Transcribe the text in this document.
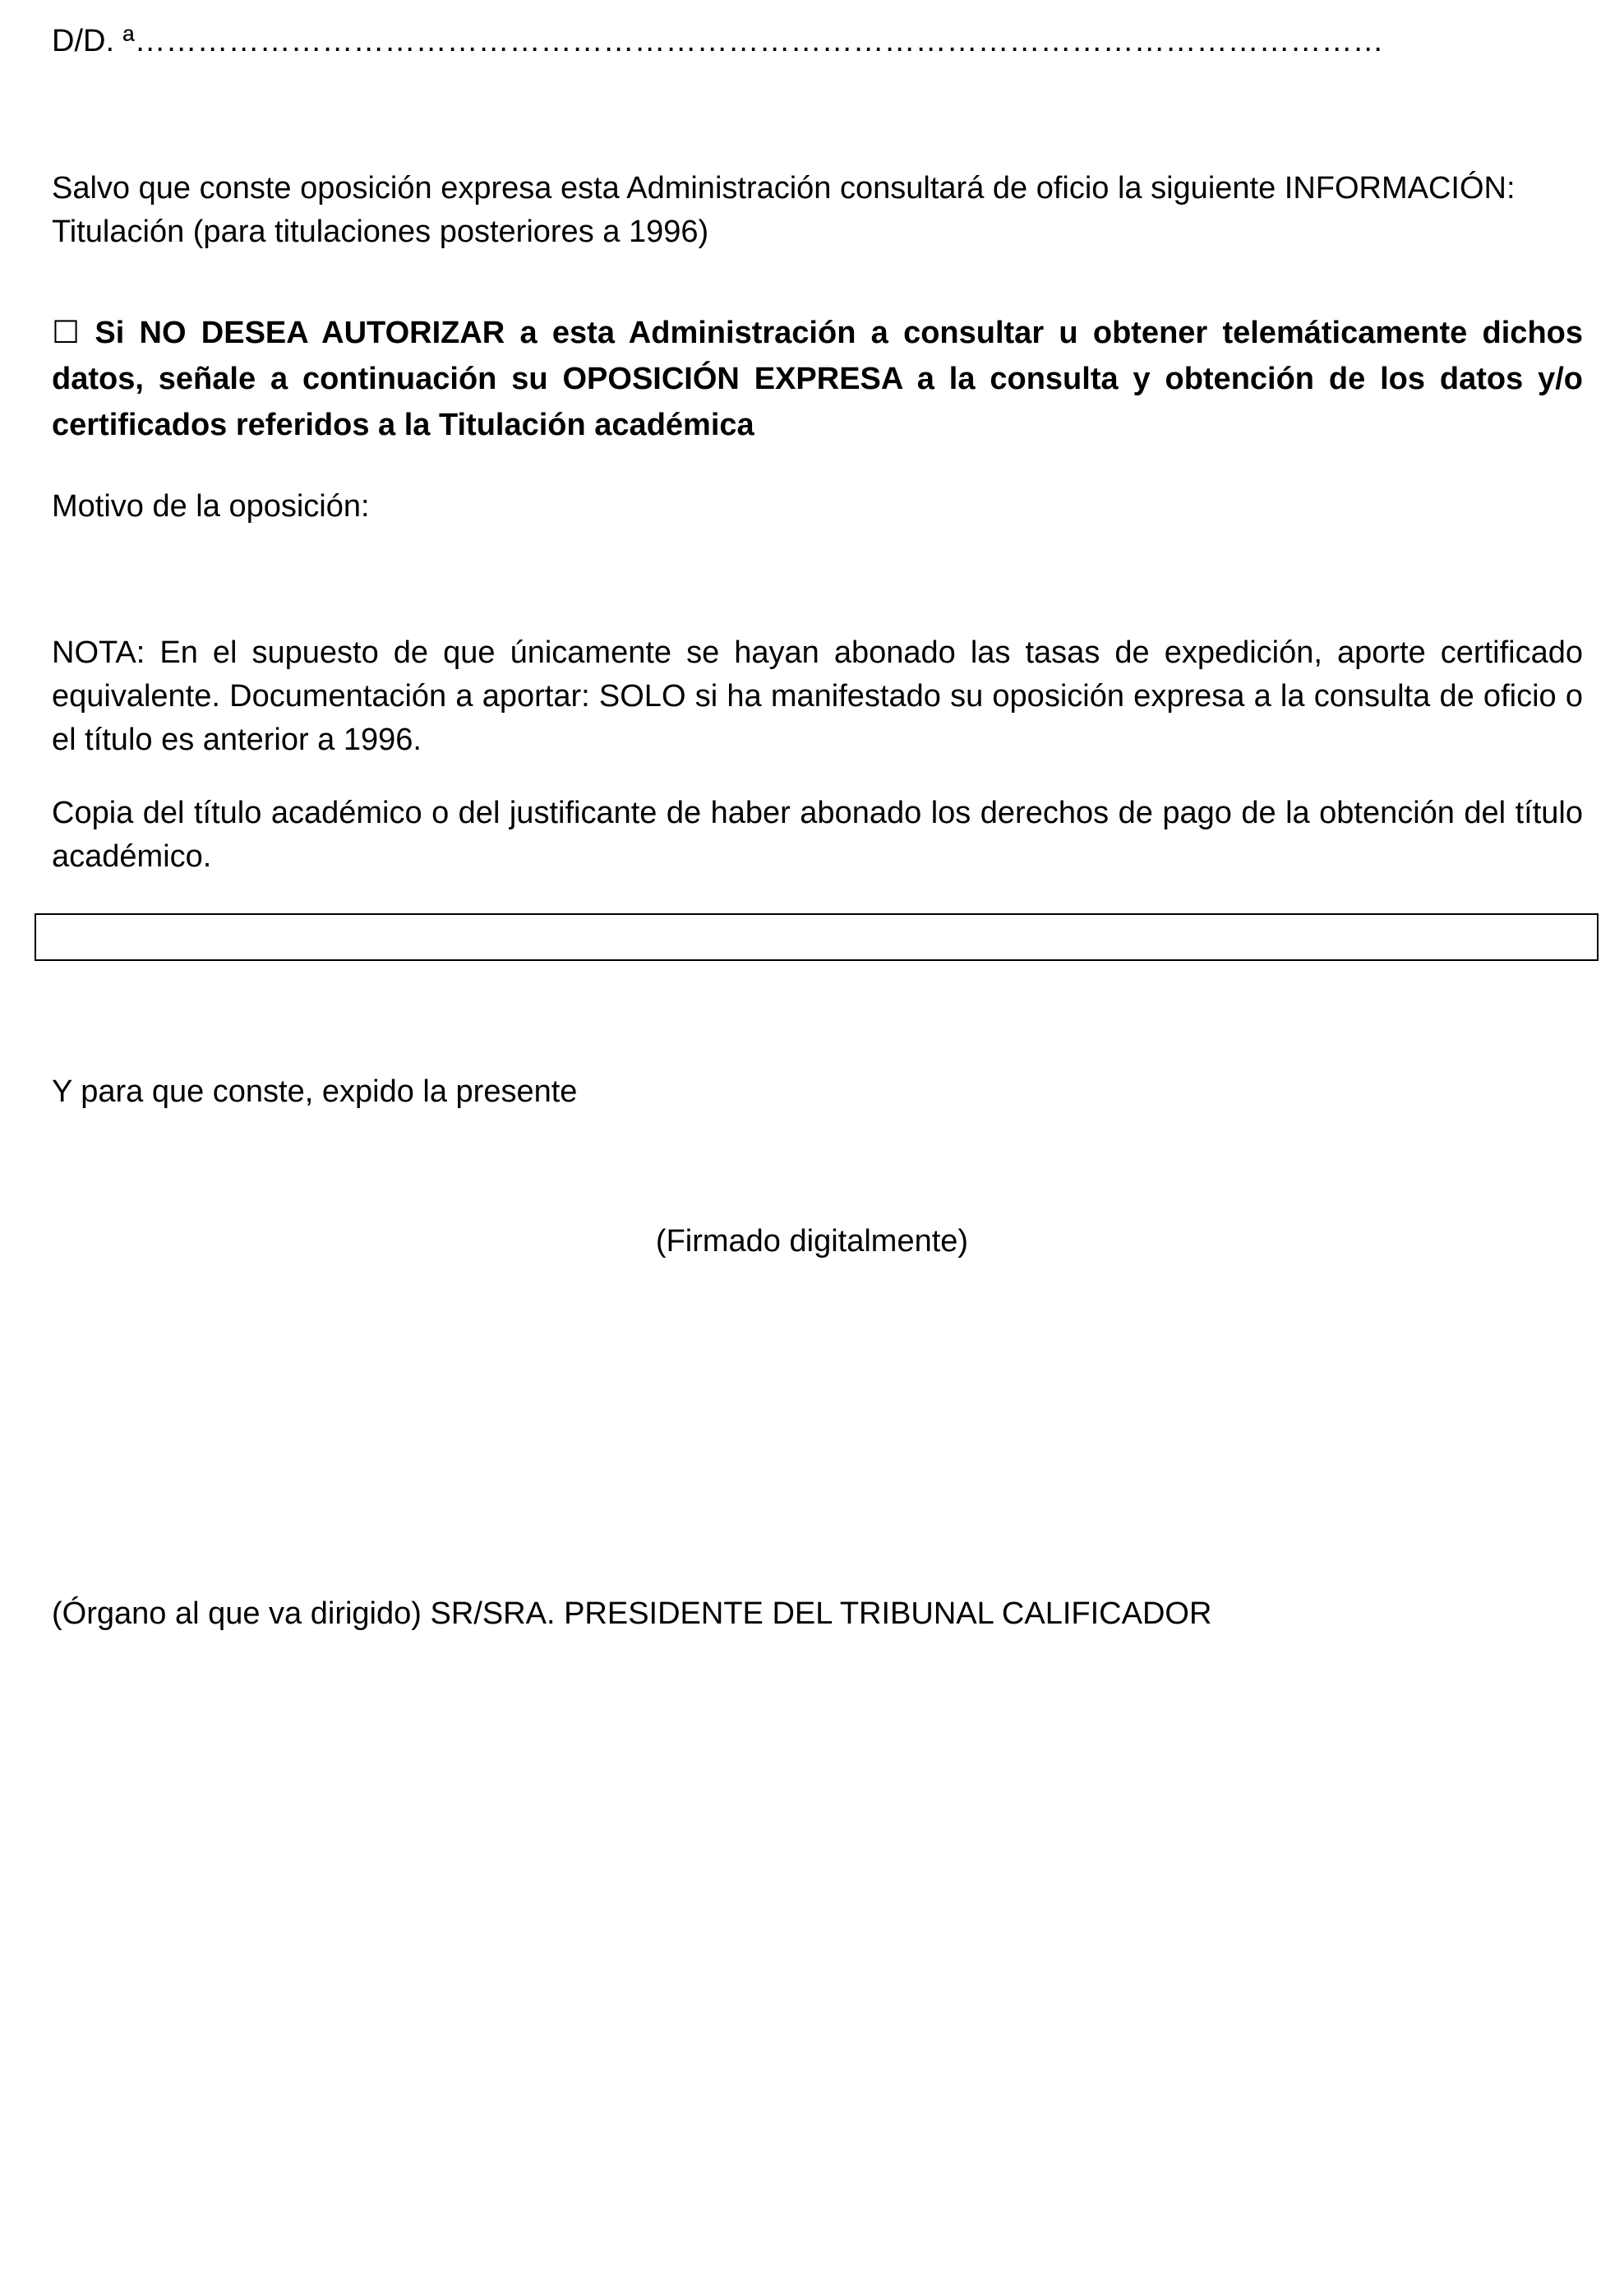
D/D. ª…………………………………………………………………………………………………………

Salvo que conste oposición expresa esta Administración consultará de oficio la siguiente INFORMACIÓN:
Titulación (para titulaciones posteriores a 1996)

☐ Si NO DESEA AUTORIZAR a esta Administración a consultar u obtener telemáticamente dichos datos, señale a continuación su OPOSICIÓN EXPRESA a la consulta y obtención de los datos y/o certificados referidos a la Titulación académica

Motivo de la oposición:

NOTA: En el supuesto de que únicamente se hayan abonado las tasas de expedición, aporte certificado equivalente. Documentación a aportar: SOLO si ha manifestado su oposición expresa a la consulta de oficio o el título es anterior a 1996.

Copia del título académico o del justificante de haber abonado los derechos de pago de la obtención del título académico.

Y para que conste, expido la presente

(Firmado digitalmente)

(Órgano al que va dirigido) SR/SRA. PRESIDENTE DEL TRIBUNAL CALIFICADOR
